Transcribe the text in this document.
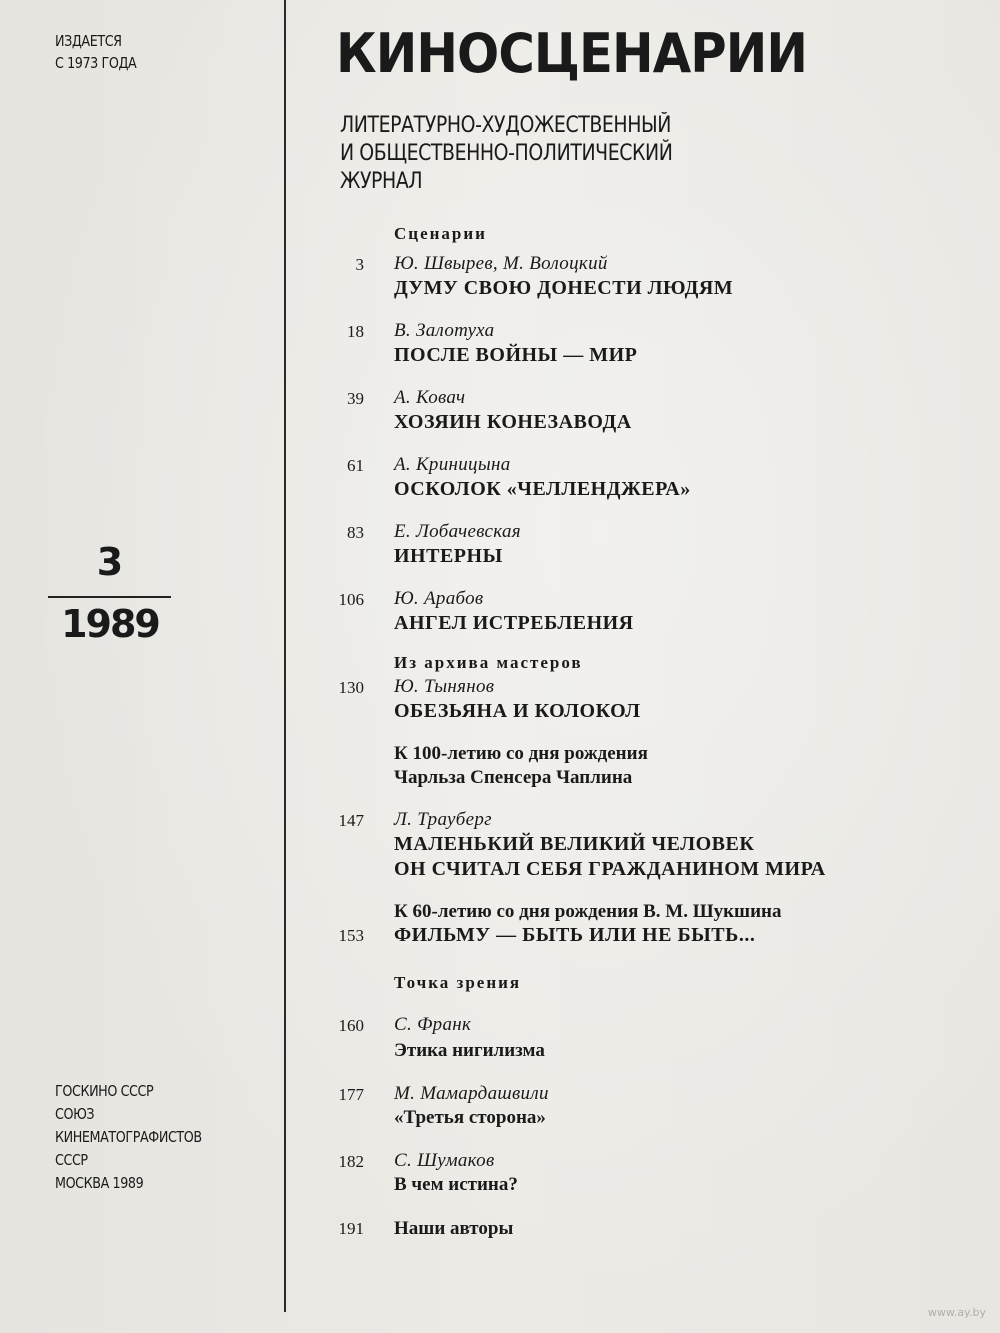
ИЗДАЕТСЯ
С 1973 ГОДА
3
1989
ГОСКИНО СССР
СОЮЗ
КИНЕМАТОГРАФИСТОВ
СССР
МОСКВА 1989
КИНОСЦЕНАРИИ
ЛИТЕРАТУРНО-ХУДОЖЕСТВЕННЫЙ
И ОБЩЕСТВЕННО-ПОЛИТИЧЕСКИЙ
ЖУРНАЛ
Сценарии
3 Ю. Швырев, М. Волоцкий
ДУМУ СВОЮ ДОНЕСТИ ЛЮДЯМ
18 В. Залотуха
ПОСЛЕ ВОЙНЫ — МИР
39 А. Ковач
ХОЗЯИН КОНЕЗАВОДА
61 А. Криницына
ОСКОЛОК «ЧЕЛЛЕНДЖЕРА»
83 Е. Лобачевская
ИНТЕРНЫ
106 Ю. Арабов
АНГЕЛ ИСТРЕБЛЕНИЯ
Из архива мастеров
130 Ю. Тынянов
ОБЕЗЬЯНА И КОЛОКОЛ
К 100-летию со дня рождения
Чарльза Спенсера Чаплина
147 Л. Трауберг
МАЛЕНЬКИЙ ВЕЛИКИЙ ЧЕЛОВЕК
ОН СЧИТАЛ СЕБЯ ГРАЖДАНИНОМ МИРА
К 60-летию со дня рождения В. М. Шукшина
153 ФИЛЬМУ — БЫТЬ ИЛИ НЕ БЫТЬ...
Точка зрения
160 С. Франк
Этика нигилизма
177 М. Мамардашвили
«Третья сторона»
182 С. Шумаков
В чем истина?
191 Наши авторы
www.ay.by
